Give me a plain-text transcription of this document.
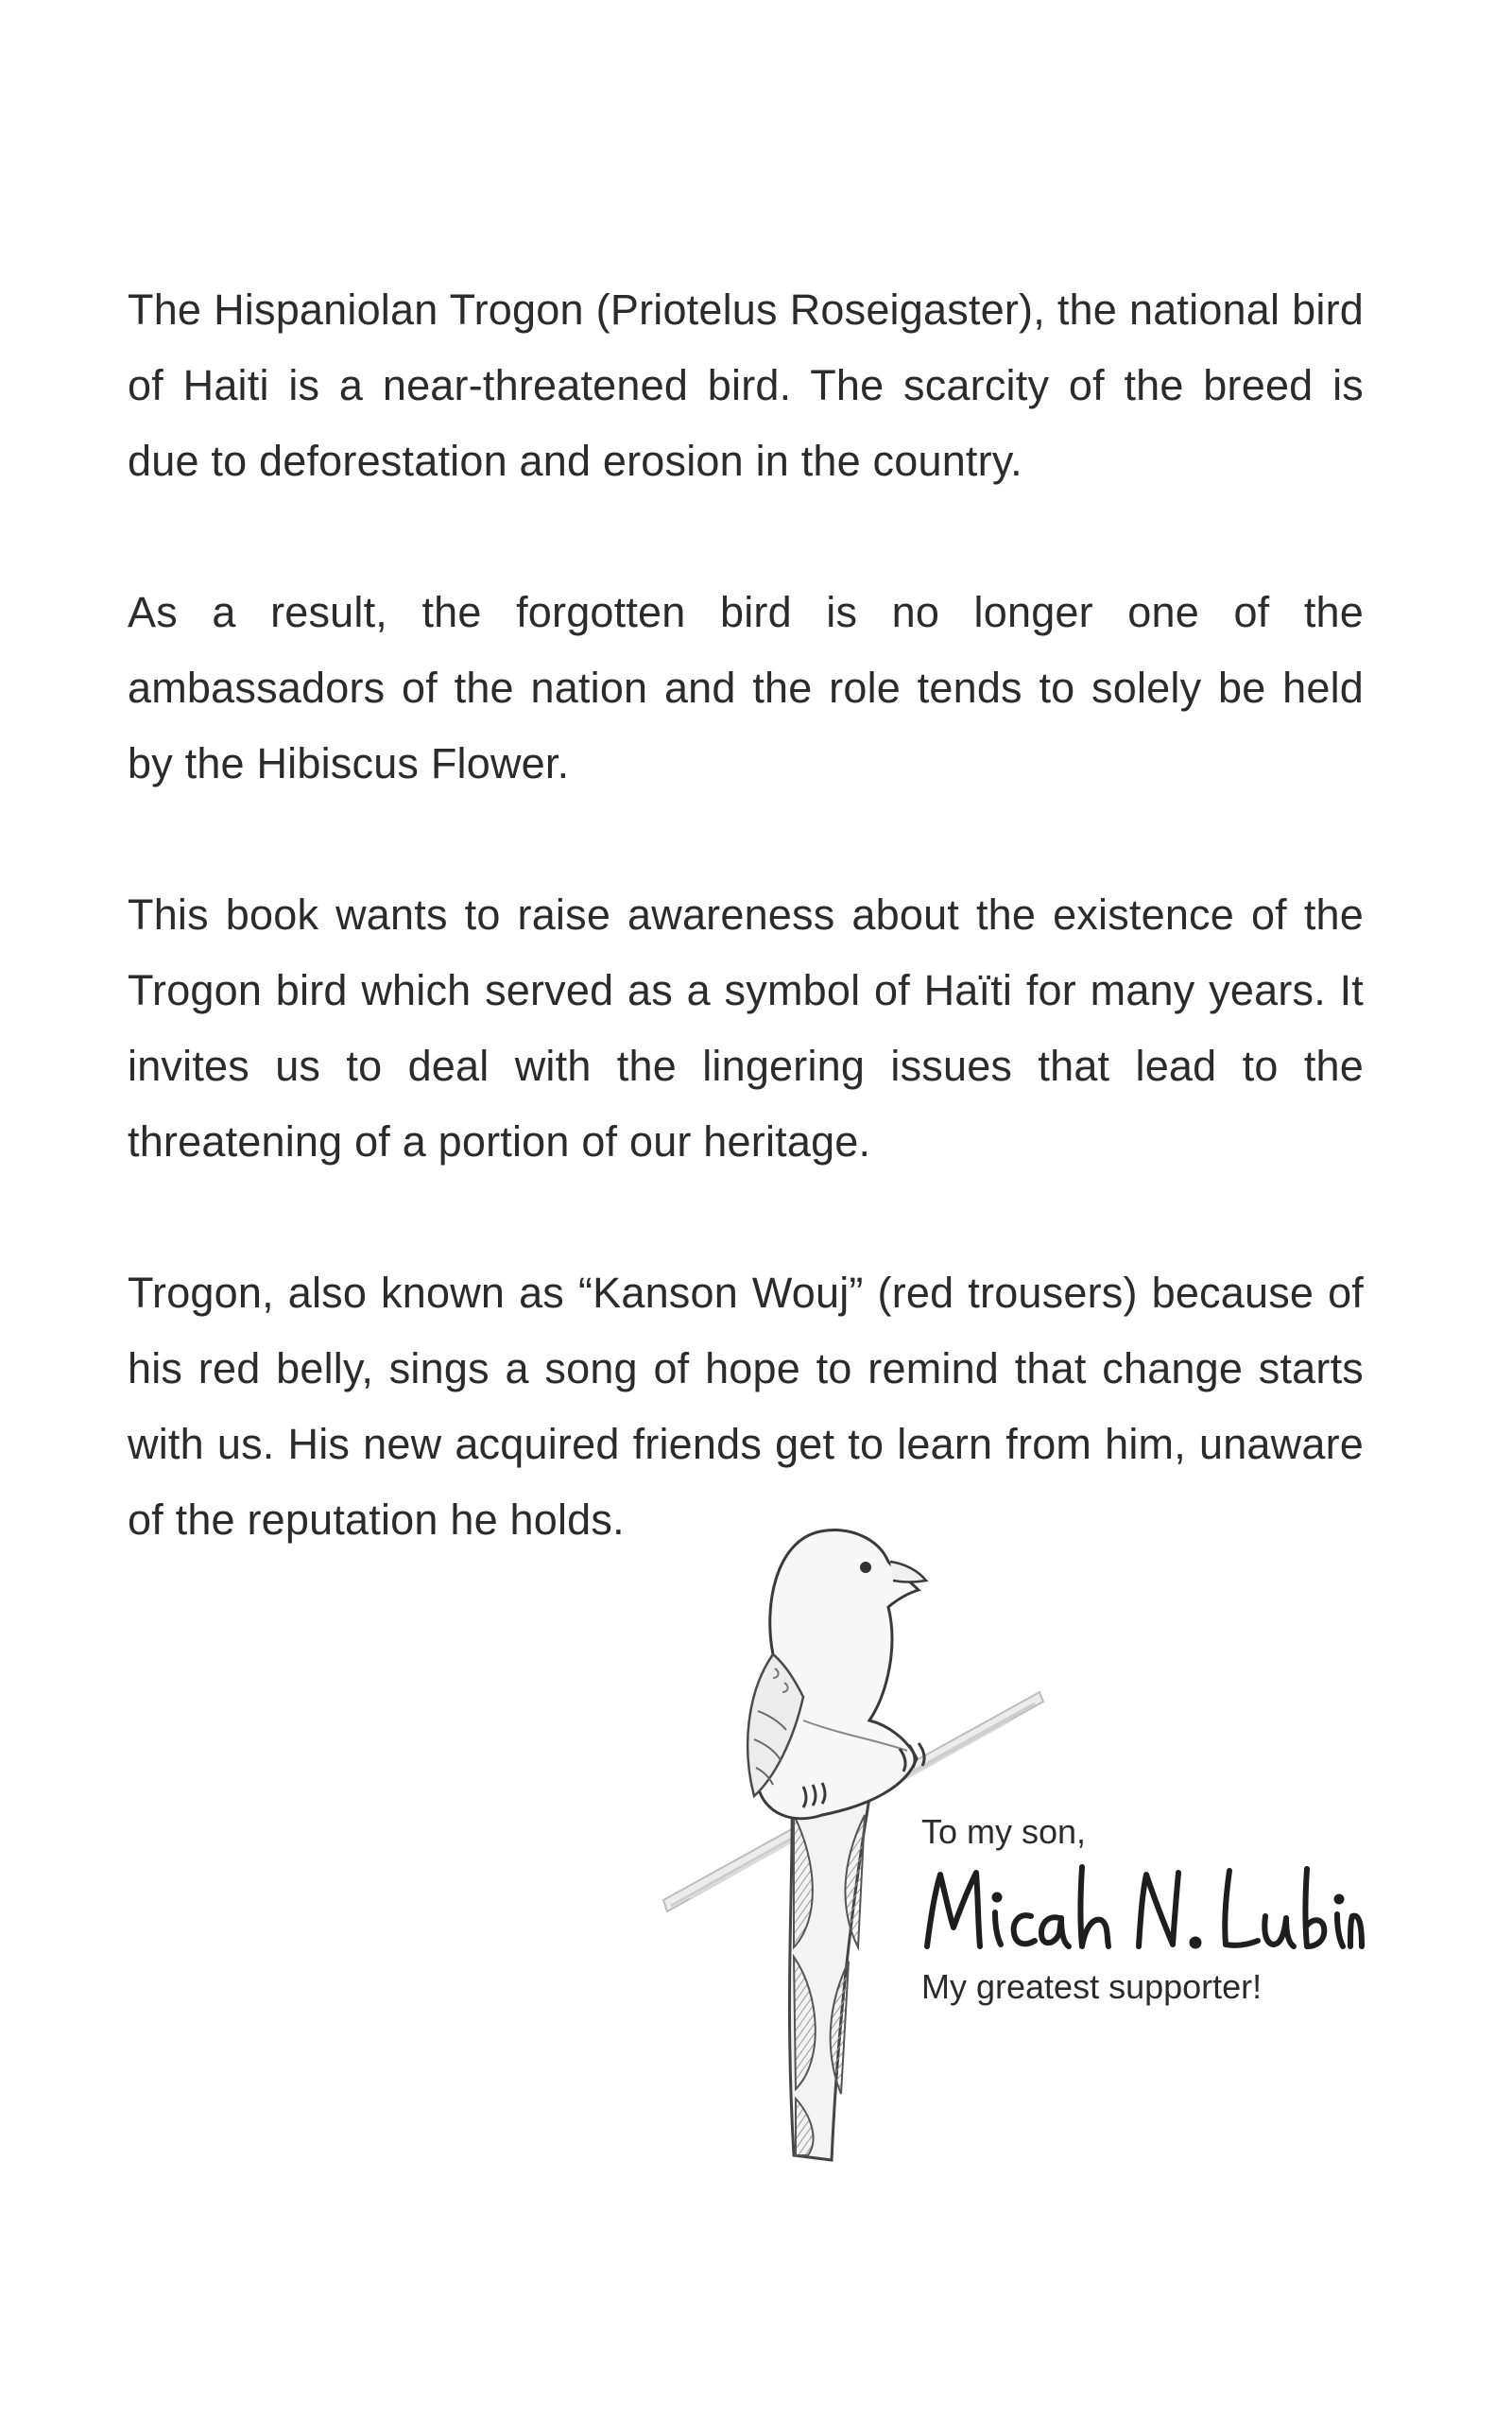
The Hispaniolan Trogon (Priotelus Roseigaster), the national bird of Haiti is a near-threatened bird. The scarcity of the breed is due to deforestation and erosion in the country.

As a result, the forgotten bird is no longer one of the ambassadors of the nation and the role tends to solely be held by the Hibiscus Flower.

This book wants to raise awareness about the existence of the Trogon bird which served as a symbol of Haïti for many years. It invites us to deal with the lingering issues that lead to the threatening of a portion of our heritage.

Trogon, also known as “Kanson Wouj” (red trousers) because of his red belly, sings a song of hope to remind that change starts with us. His new acquired friends get to learn from him, unaware of the reputation he holds.

To my son,

My greatest supporter!
